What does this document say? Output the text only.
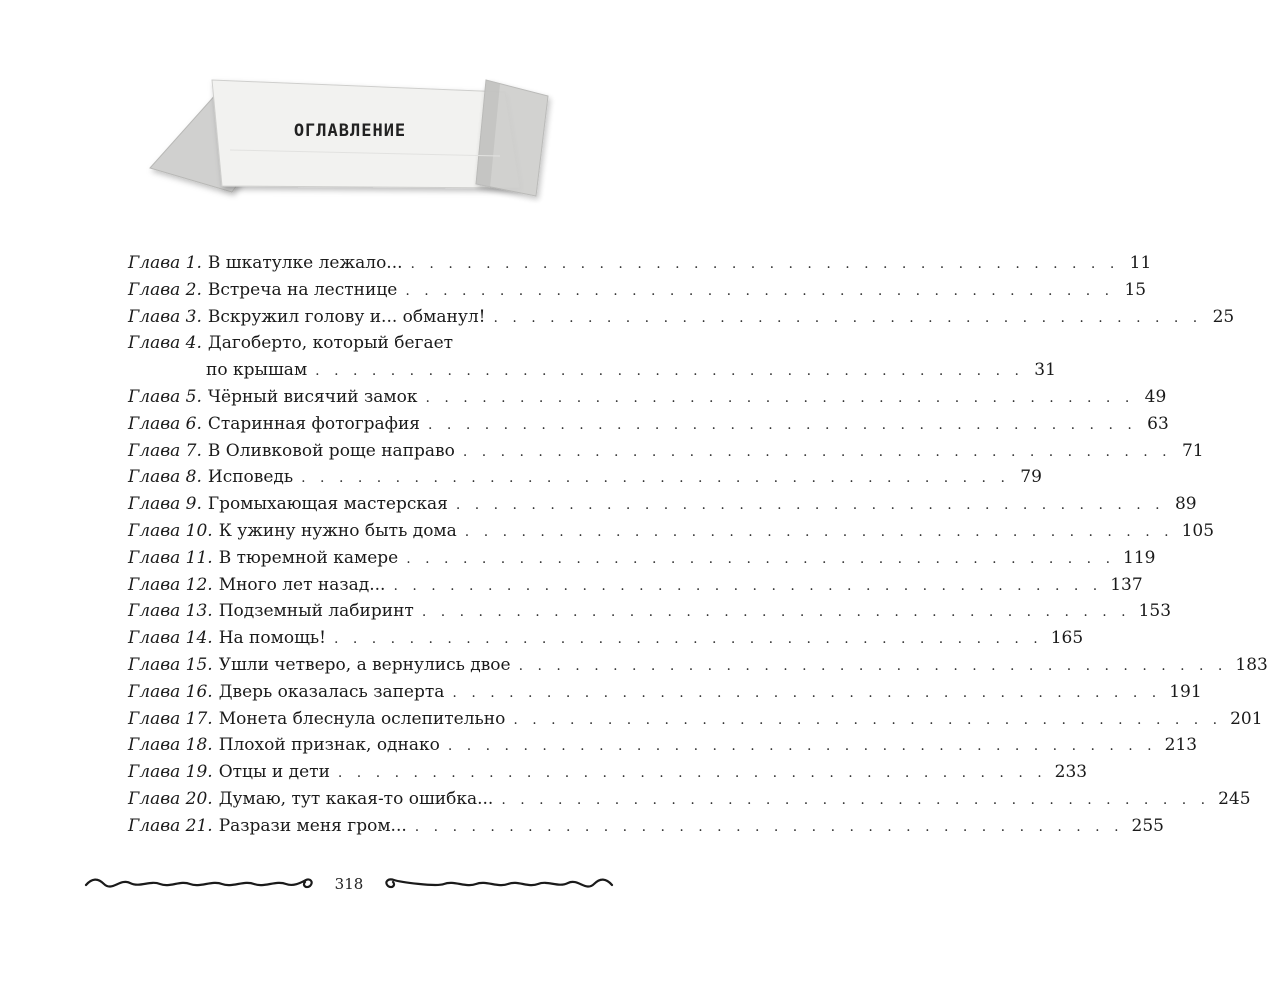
ОГЛАВЛЕНИЕ
Глава 1. В шкатулке лежало... . . . . . . . . . . . . . . . . . . . . . . . . . . . . . . . . . . . . . . 11
Глава 2. Встреча на лестнице . . . . . . . . . . . . . . . . . . . . . . . . . . . . . . . . . . . . . . 15
Глава 3. Вскружил голову и... обманул! . . . . . . . . . . . . . . . . . . . . . . . . . . . . . . . . . . . . . . 25
Глава 4. Дагоберто, который бегает
по крышам . . . . . . . . . . . . . . . . . . . . . . . . . . . . . . . . . . . . . . 31
Глава 5. Чёрный висячий замок . . . . . . . . . . . . . . . . . . . . . . . . . . . . . . . . . . . . . . 49
Глава 6. Старинная фотография . . . . . . . . . . . . . . . . . . . . . . . . . . . . . . . . . . . . . . 63
Глава 7. В Оливковой роще направо . . . . . . . . . . . . . . . . . . . . . . . . . . . . . . . . . . . . . . 71
Глава 8. Исповедь . . . . . . . . . . . . . . . . . . . . . . . . . . . . . . . . . . . . . . 79
Глава 9. Громыхающая мастерская . . . . . . . . . . . . . . . . . . . . . . . . . . . . . . . . . . . . . . 89
Глава 10. К ужину нужно быть дома . . . . . . . . . . . . . . . . . . . . . . . . . . . . . . . . . . . . . . 105
Глава 11. В тюремной камере . . . . . . . . . . . . . . . . . . . . . . . . . . . . . . . . . . . . . . 119
Глава 12. Много лет назад... . . . . . . . . . . . . . . . . . . . . . . . . . . . . . . . . . . . . . . 137
Глава 13. Подземный лабиринт . . . . . . . . . . . . . . . . . . . . . . . . . . . . . . . . . . . . . . 153
Глава 14. На помощь! . . . . . . . . . . . . . . . . . . . . . . . . . . . . . . . . . . . . . . 165
Глава 15. Ушли четверо, а вернулись двое . . . . . . . . . . . . . . . . . . . . . . . . . . . . . . . . . . . . . . 183
Глава 16. Дверь оказалась заперта . . . . . . . . . . . . . . . . . . . . . . . . . . . . . . . . . . . . . . 191
Глава 17. Монета блеснула ослепительно . . . . . . . . . . . . . . . . . . . . . . . . . . . . . . . . . . . . . . 201
Глава 18. Плохой признак, однако . . . . . . . . . . . . . . . . . . . . . . . . . . . . . . . . . . . . . . 213
Глава 19. Отцы и дети . . . . . . . . . . . . . . . . . . . . . . . . . . . . . . . . . . . . . . 233
Глава 20. Думаю, тут какая-то ошибка... . . . . . . . . . . . . . . . . . . . . . . . . . . . . . . . . . . . . . . 245
Глава 21. Разрази меня гром... . . . . . . . . . . . . . . . . . . . . . . . . . . . . . . . . . . . . . . 255
318
